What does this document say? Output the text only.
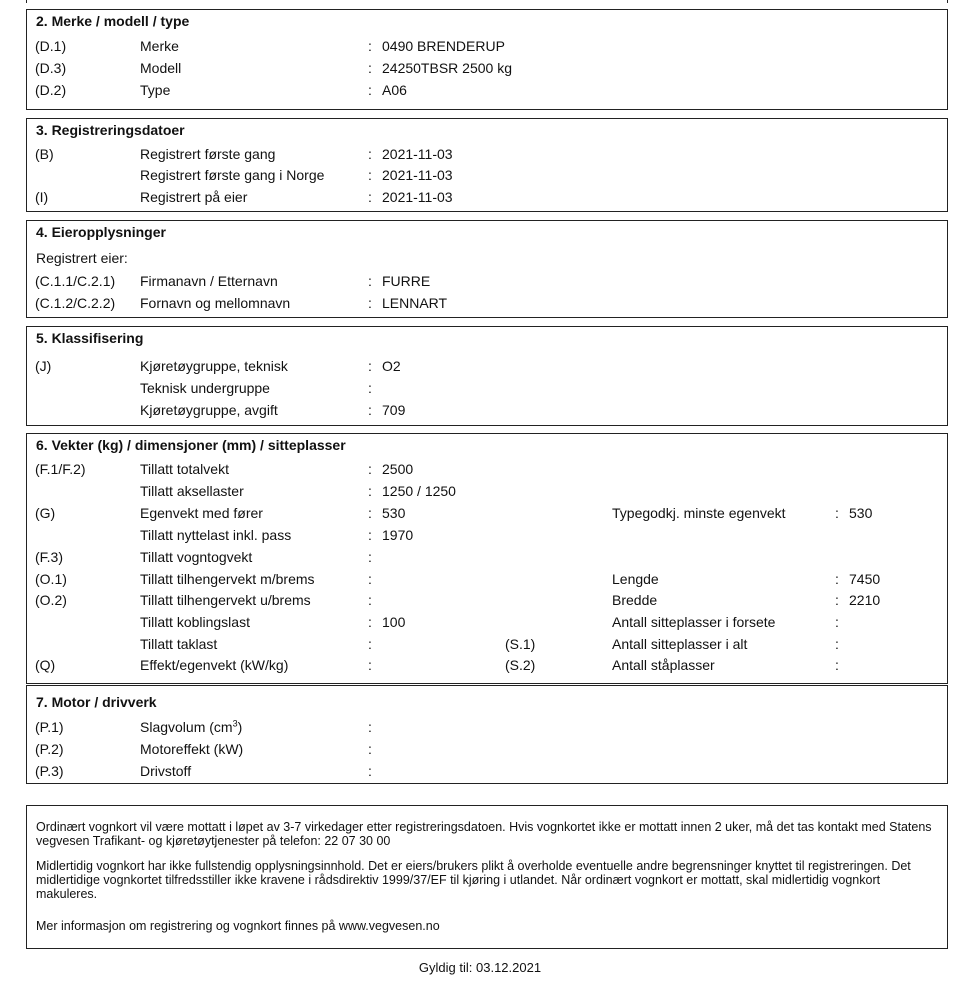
2. Merke / modell / type
(D.1)	Merke	: 0490 BRENDERUP
(D.3)	Modell	: 24250TBSR 2500 kg
(D.2)	Type	: A06
3. Registreringsdatoer
(B)	Registrert første gang	: 2021-11-03
Registrert første gang i Norge	: 2021-11-03
(I)	Registrert på eier	: 2021-11-03
4. Eieropplysninger
Registrert eier:
(C.1.1/C.2.1) Firmanavn / Etternavn	: FURRE
(C.1.2/C.2.2) Fornavn og mellomnavn	: LENNART
5. Klassifisering
(J)	Kjøretøygruppe, teknisk	: O2
Teknisk undergruppe	:
Kjøretøygruppe, avgift	: 709
6. Vekter (kg) / dimensjoner (mm) / sitteplasser
(F.1/F.2)	Tillatt totalvekt	: 2500
Tillatt aksellaster	: 1250 / 1250
(G)	Egenvekt med fører	: 530	Typegodkj. minste egenvekt	: 530
Tillatt nyttelast inkl. pass	: 1970
(F.3)	Tillatt vogntogvekt	:
(O.1)	Tillatt tilhengervekt m/brems	:	Lengde	: 7450
(O.2)	Tillatt tilhengervekt u/brems	:	Bredde	: 2210
Tillatt koblingslast	: 100	Antall sitteplasser i forsete	:
Tillatt taklast	:	(S.1)	Antall sitteplasser i alt	:
(Q)	Effekt/egenvekt (kW/kg)	:	(S.2)	Antall ståplasser	:
7. Motor / drivverk
(P.1)	Slagvolum $(cm^3)$	:
(P.2)	Motoreffekt (kW)	:
(P.3)	Drivstoff	:

Ordinært vognkort vil være mottatt i løpet av 3-7 virkedager etter registreringsdatoen. Hvis vognkortet ikke er mottatt innen 2 uker, må det tas kontakt med Statens vegvesen Trafikant- og kjøretøytjenester på telefon: 22 07 30 00

Midlertidig vognkort har ikke fullstendig opplysningsinnhold. Det er eiers/brukers plikt å overholde eventuelle andre begrensninger knyttet til registreringen. Det midlertidige vognkortet tilfredsstiller ikke kravene i rådsdirektiv 1999/37/EF til kjøring i utlandet. Når ordinært vognkort er mottatt, skal midlertidig vognkort makuleres.

Mer informasjon om registrering og vognkort finnes på www.vegvesen.no

Gyldig til: 03.12.2021
